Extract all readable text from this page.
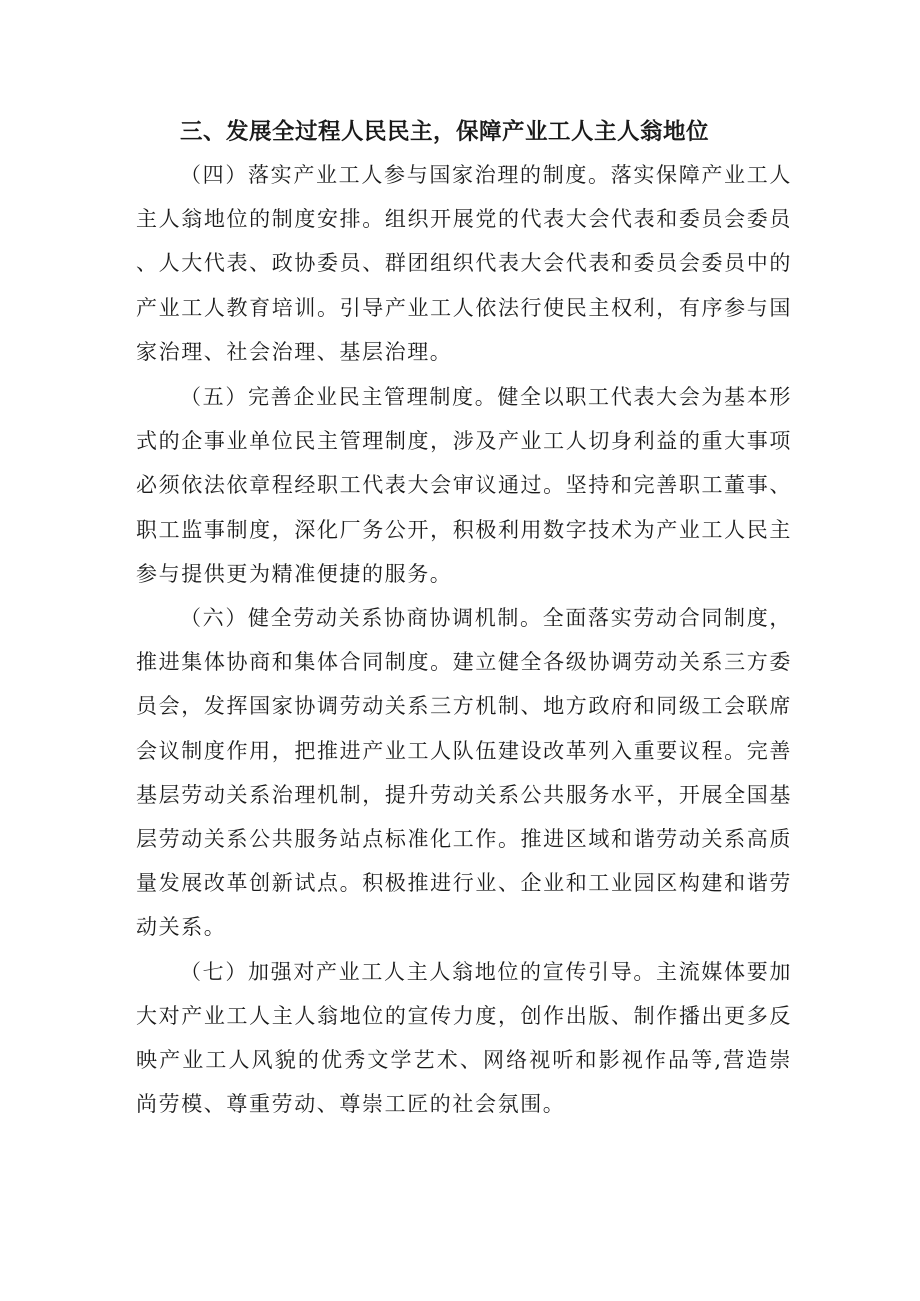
三、发展全过程人民民主，保障产业工人主人翁地位

（四）落实产业工人参与国家治理的制度。落实保障产业工人主人翁地位的制度安排。组织开展党的代表大会代表和委员会委员、人大代表、政协委员、群团组织代表大会代表和委员会委员中的产业工人教育培训。引导产业工人依法行使民主权利，有序参与国家治理、社会治理、基层治理。

（五）完善企业民主管理制度。健全以职工代表大会为基本形式的企事业单位民主管理制度，涉及产业工人切身利益的重大事项必须依法依章程经职工代表大会审议通过。坚持和完善职工董事、职工监事制度，深化厂务公开，积极利用数字技术为产业工人民主参与提供更为精准便捷的服务。

（六）健全劳动关系协商协调机制。全面落实劳动合同制度，推进集体协商和集体合同制度。建立健全各级协调劳动关系三方委员会，发挥国家协调劳动关系三方机制、地方政府和同级工会联席会议制度作用，把推进产业工人队伍建设改革列入重要议程。完善基层劳动关系治理机制，提升劳动关系公共服务水平，开展全国基层劳动关系公共服务站点标准化工作。推进区域和谐劳动关系高质量发展改革创新试点。积极推进行业、企业和工业园区构建和谐劳动关系。

（七）加强对产业工人主人翁地位的宣传引导。主流媒体要加大对产业工人主人翁地位的宣传力度，创作出版、制作播出更多反映产业工人风貌的优秀文学艺术、网络视听和影视作品等,营造崇尚劳模、尊重劳动、尊崇工匠的社会氛围。
